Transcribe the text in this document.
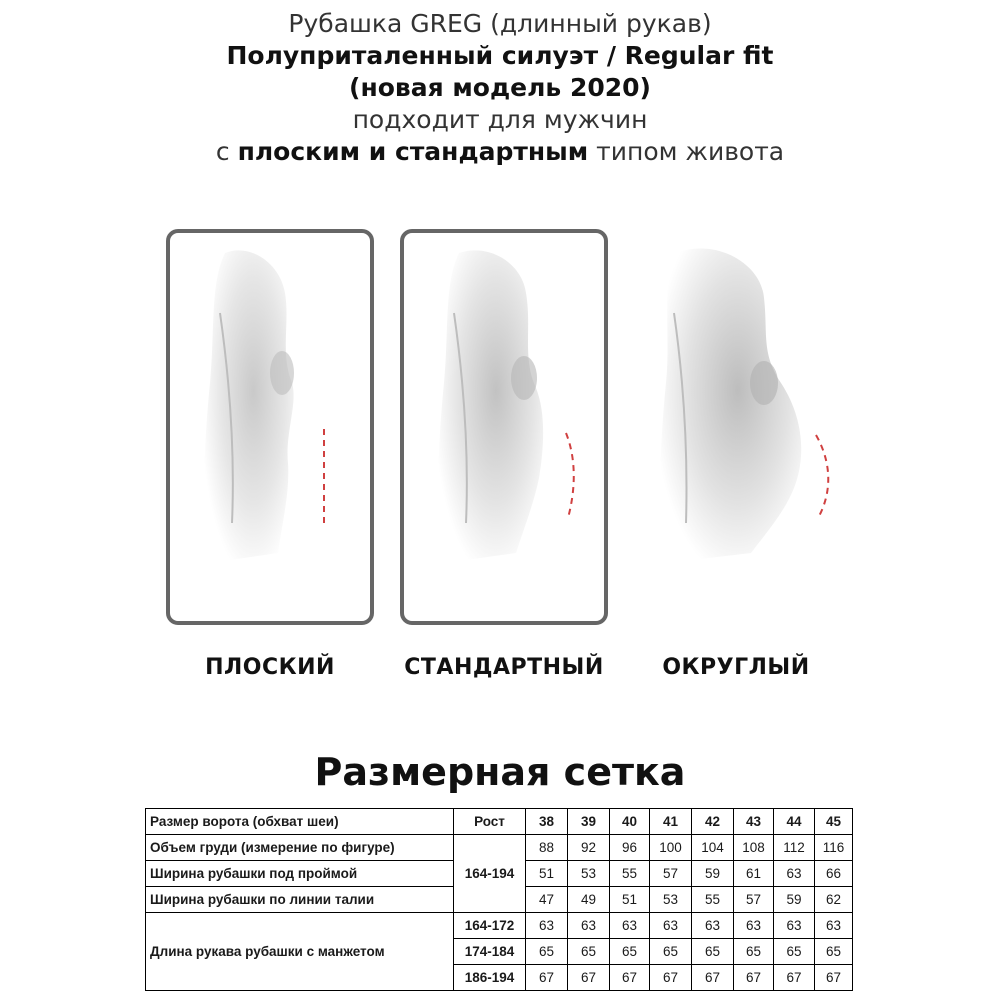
Рубашка GREG (длинный рукав)
Полуприталенный силуэт / Regular fit
(новая модель 2020)
подходит для мужчин
с плоским и стандартным типом живота
ПЛОСКИЙ	СТАНДАРТНЫЙ	ОКРУГЛЫЙ
Размерная сетка
Размер ворота (обхват шеи)	Рост	38	39	40	41	42	43	44	45
Объем груди (измерение по фигуре)	164-194	88	92	96	100	104	108	112	116
Ширина рубашки под проймой		51	53	55	57	59	61	63	66
Ширина рубашки по линии талии		47	49	51	53	55	57	59	62
Длина рукава рубашки с манжетом	164-172	63	63	63	63	63	63	63	63
	174-184	65	65	65	65	65	65	65	65
	186-194	67	67	67	67	67	67	67	67
